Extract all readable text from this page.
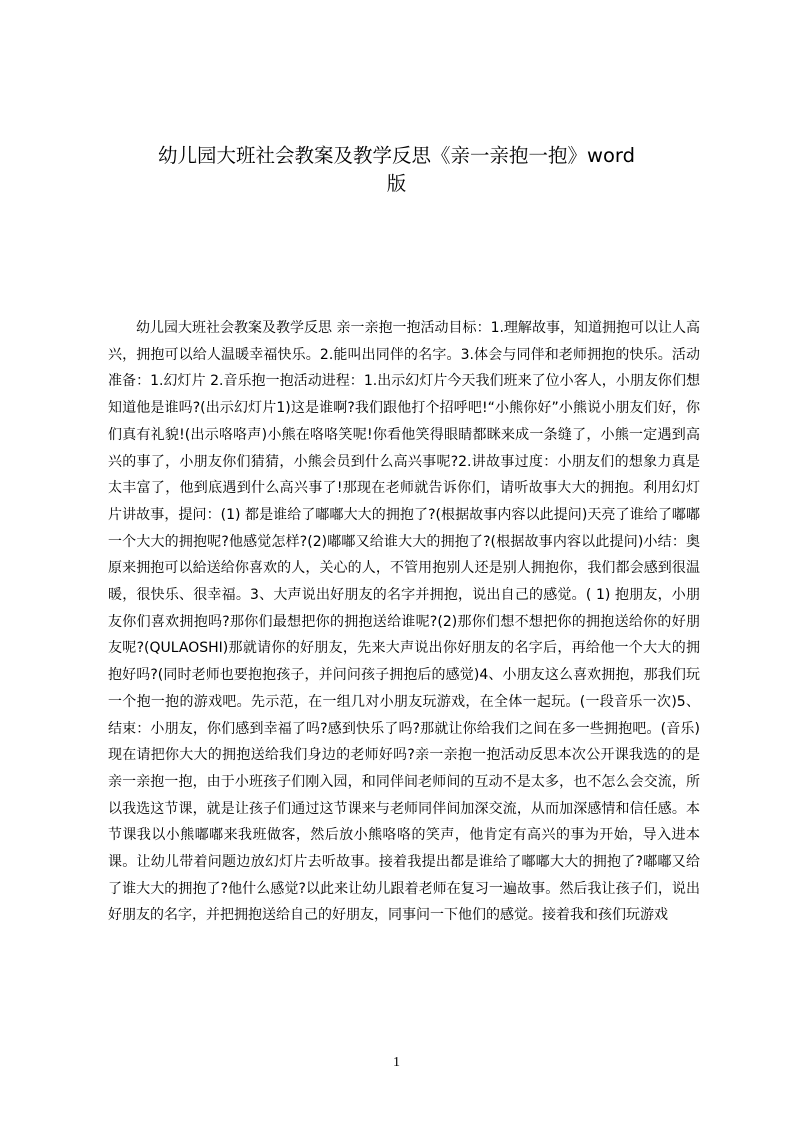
幼儿园大班社会教案及教学反思《亲一亲抱一抱》word
版

幼儿园大班社会教案及教学反思 亲一亲抱一抱活动目标：1.理解故事，知道拥抱可以让人高兴，拥抱可以给人温暖幸福快乐。2.能叫出同伴的名字。3.体会与同伴和老师拥抱的快乐。活动准备：1.幻灯片 2.音乐抱一抱活动进程：1.出示幻灯片今天我们班来了位小客人，小朋友你们想知道他是谁吗?(出示幻灯片1)这是谁啊?我们跟他打个招呼吧!“小熊你好”小熊说小朋友们好，你们真有礼貌!(出示咯咯声)小熊在咯咯笑呢!你看他笑得眼睛都眯来成一条缝了，小熊一定遇到高兴的事了，小朋友你们猜猜，小熊会员到什么高兴事呢?2.讲故事过度：小朋友们的想象力真是太丰富了，他到底遇到什么高兴事了!那现在老师就告诉你们，请听故事大大的拥抱。利用幻灯片讲故事，提问：(1) 都是谁给了嘟嘟大大的拥抱了?(根据故事内容以此提问)天亮了谁给了嘟嘟一个大大的拥抱呢?他感觉怎样?(2)嘟嘟又给谁大大的拥抱了?(根据故事内容以此提问)小结：奥原来拥抱可以給送给你喜欢的人，关心的人，不管用抱别人还是别人拥抱你，我们都会感到很温暖，很快乐、很幸福。3、大声说出好朋友的名字并拥抱，说出自己的感觉。( 1) 抱朋友，小朋友你们喜欢拥抱吗?那你们最想把你的拥抱送给谁呢?(2)那你们想不想把你的拥抱送给你的好朋友呢?(QULAOSHI)那就请你的好朋友，先来大声说出你好朋友的名字后，再给他一个大大的拥抱好吗?(同时老师也要抱抱孩子，并问问孩子拥抱后的感觉)4、小朋友这么喜欢拥抱，那我们玩一个抱一抱的游戏吧。先示范，在一组几对小朋友玩游戏，在全体一起玩。(一段音乐一次)5、结束：小朋友，你们感到幸福了吗?感到快乐了吗?那就让你给我们之间在多一些拥抱吧。(音乐)现在请把你大大的拥抱送给我们身边的老师好吗?亲一亲抱一抱活动反思本次公开课我选的的是亲一亲抱一抱，由于小班孩子们刚入园，和同伴间老师间的互动不是太多，也不怎么会交流，所以我选这节课，就是让孩子们通过这节课来与老师同伴间加深交流，从而加深感情和信任感。本节课我以小熊嘟嘟来我班做客，然后放小熊咯咯的笑声，他肯定有高兴的事为开始，导入进本课。让幼儿带着问题边放幻灯片去听故事。接着我提出都是谁给了嘟嘟大大的拥抱了?嘟嘟又给了谁大大的拥抱了?他什么感觉?以此来让幼儿跟着老师在复习一遍故事。然后我让孩子们，说出好朋友的名字，并把拥抱送给自己的好朋友，同事问一下他们的感觉。接着我和孩们玩游戏

1
